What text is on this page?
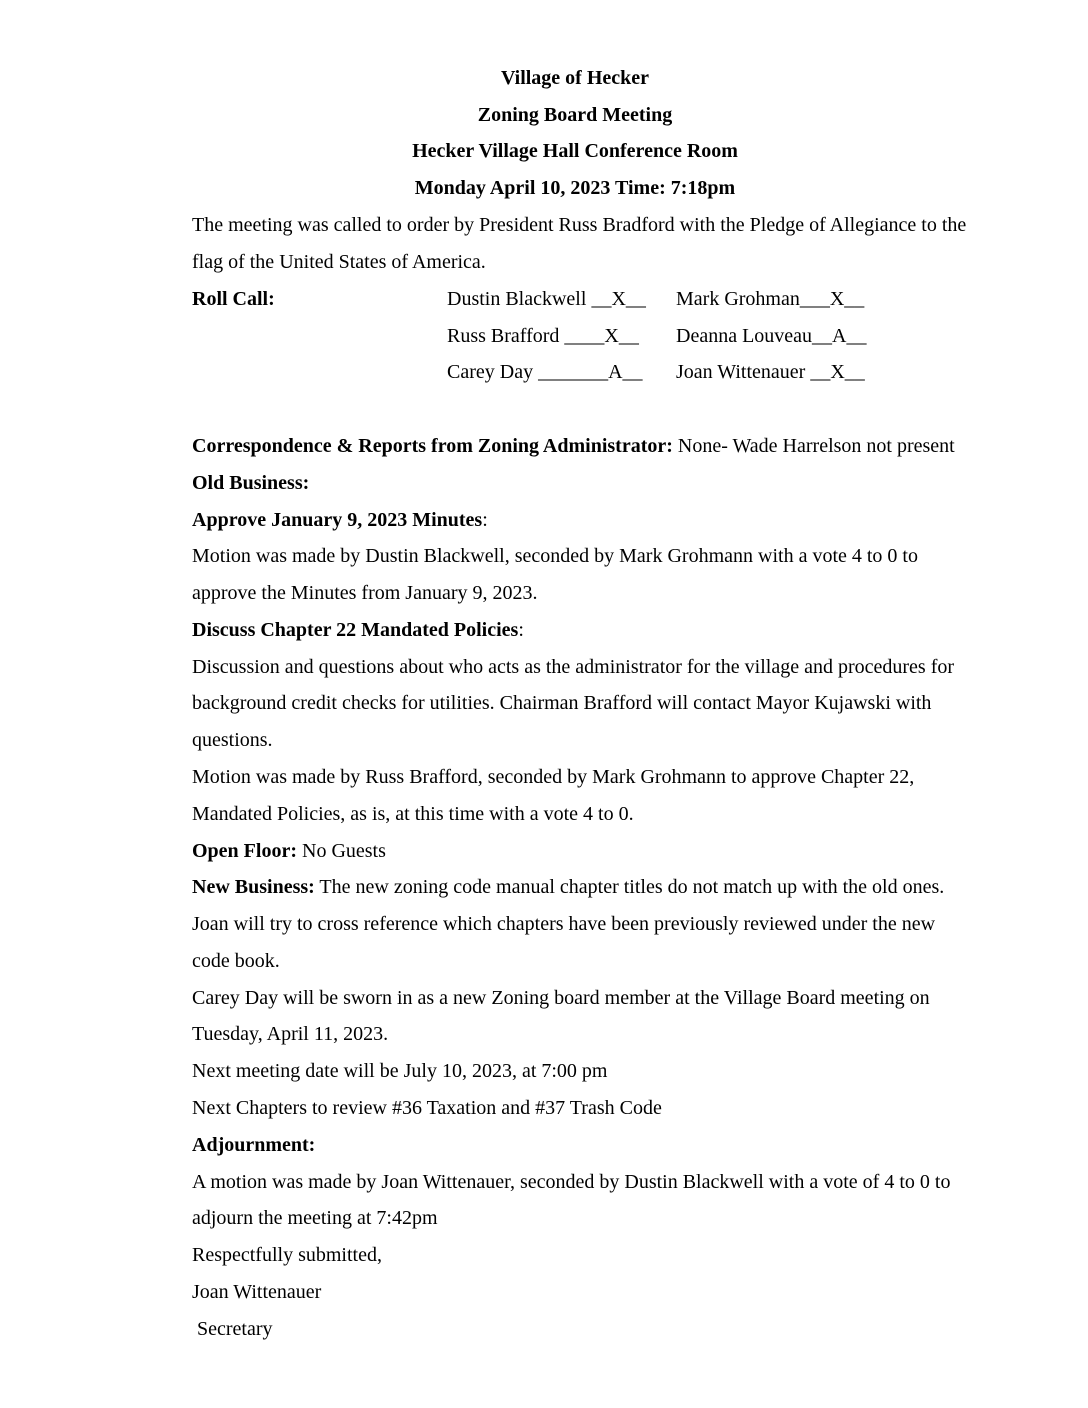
Village of Hecker
Zoning Board Meeting
Hecker Village Hall Conference Room
Monday April 10, 2023 Time: 7:18pm
The meeting was called to order by President Russ Bradford with the Pledge of Allegiance to the
flag of the United States of America.
Roll Call:	Dustin Blackwell __X__ Mark Grohman___X__
Russ Brafford ____X__ Deanna Louveau__A__
Carey Day _______A__ Joan Wittenauer __X__
Correspondence & Reports from Zoning Administrator: None- Wade Harrelson not present
Old Business:
Approve January 9, 2023 Minutes:
Motion was made by Dustin Blackwell, seconded by Mark Grohmann with a vote 4 to 0 to
approve the Minutes from January 9, 2023.
Discuss Chapter 22 Mandated Policies:
Discussion and questions about who acts as the administrator for the village and procedures for
background credit checks for utilities. Chairman Brafford will contact Mayor Kujawski with
questions.
Motion was made by Russ Brafford, seconded by Mark Grohmann to approve Chapter 22,
Mandated Policies, as is, at this time with a vote 4 to 0.
Open Floor: No Guests
New Business: The new zoning code manual chapter titles do not match up with the old ones.
Joan will try to cross reference which chapters have been previously reviewed under the new
code book.
Carey Day will be sworn in as a new Zoning board member at the Village Board meeting on
Tuesday, April 11, 2023.
Next meeting date will be July 10, 2023, at 7:00 pm
Next Chapters to review #36 Taxation and #37 Trash Code
Adjournment:
A motion was made by Joan Wittenauer, seconded by Dustin Blackwell with a vote of 4 to 0 to
adjourn the meeting at 7:42pm
Respectfully submitted,
Joan Wittenauer
Secretary
